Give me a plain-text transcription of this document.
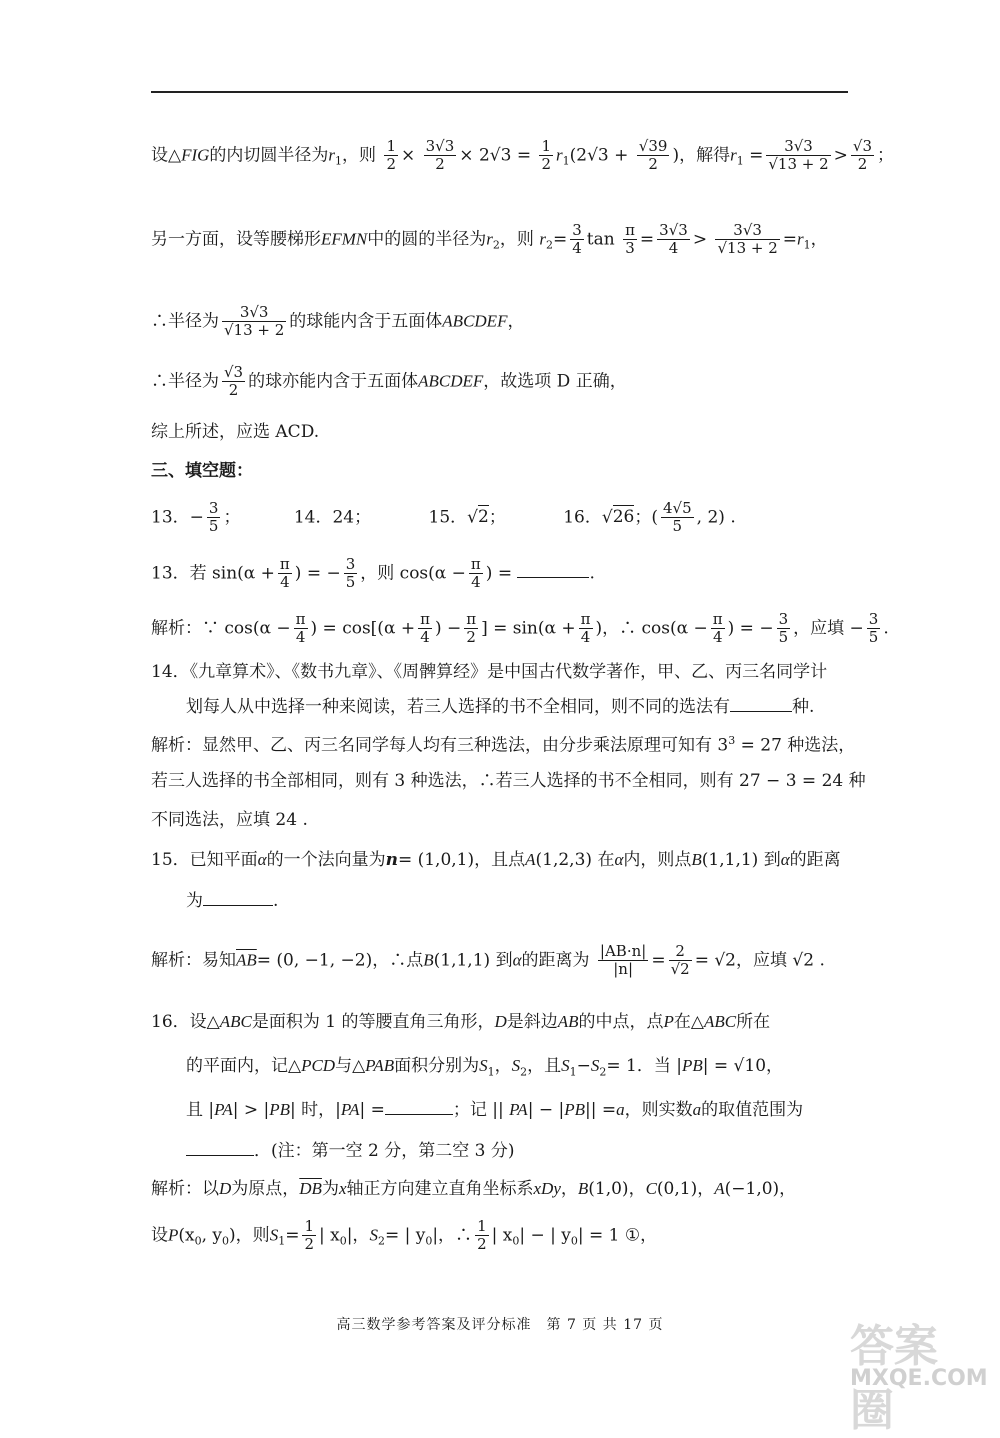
设△FIG的内切圆半径为$r_1$，则 $\frac{1}{2} \times \frac{3√3}{2} \times 2√3 = \frac{1}{2} r_1(2√3 + \frac{√39}{2}$ )，解得$r_1 = \frac{3√3}{√13 + 2} > \frac{√3}{2}$ ；
另一方面，设等腰梯形EFMN中的圆的半径为$r_2$，则 $r_2= \frac{3}{4}$ $\tan \frac{\pi}{3} = \frac{3√3}{4} > \frac{3√3}{√13 + 2} =r_1$，
∴半径为 $\frac{3√3}{√13 + 2}$ 的球能内含于五面体ABCDEF，
∴半径为 $\frac{√3}{2}$ 的球亦能内含于五面体ABCDEF，故选项 D 正确，
综上所述，应选 ACD.
三、填空题：
13．− $\frac{3}{5}$ ；	14．24；	15．√2；	16．√26；( $\frac{4√5}{5}$ , 2) .
13．若 $\sin(\alpha + \frac{\pi}{4}$ ) = − $\frac{3}{5}$ ，则 $\cos(\alpha - \frac{\pi}{4}$ ) =	.
解析：∵ $\cos(\alpha - \frac{\pi}{4}$ ) = $\cos[(\alpha + \frac{\pi}{4}$ ) − $\frac{\pi}{2}$ ] = $\sin(\alpha + \frac{\pi}{4}$ )，∴ $\cos(\alpha - \frac{\pi}{4}$ ) = − $\frac{3}{5}$ ，应填 − $\frac{3}{5}$ .
14．《九章算术》、《数书九章》、《周髀算经》是中国古代数学著作，甲、乙、丙三名同学计
划每人从中选择一种来阅读，若三人选择的书不全相同，则不同的选法有	种.
解析：显然甲、乙、丙三名同学每人均有三种选法，由分步乘法原理可知有 $3^3 = 27$ 种选法，
若三人选择的书全部相同，则有 3 种选法，∴若三人选择的书不全相同，则有 27 − 3 = 24 种
不同选法，应填 24 .
15．已知平面α的一个法向量为n= (1,0,1)，且点A(1,2,3) 在α内，则点B(1,1,1) 到α的距离
为	.
解析：易知$\overline{AB}= (0$, −1, −2)，∴点B(1,1,1) 到α的距离为 $\frac{|AB\cdot n|}{|n|} = \frac{2}{√2} = √2$，应填 √2 .
16．设△ABC是面积为 1 的等腰直角三角形，D是斜边AB的中点，点P在△ABC所在
的平面内，记△PCD与△PAB面积分别为$S_1$，$S_2$，且$S_1-S_2= 1$．当 |PB| = √10，
且 |PA| > |PB| 时，|PA| =	；记 || PA| − |PB|| =a，则实数a的取值范围为
．(注：第一空 2 分，第二空 3 分)
解析：以D为原点，$\overline{DB}$为x轴正方向建立直角坐标系xDy，B(1,0)，C(0,1)，A(−1,0)，
设$P(x_0$, $y_0$)，则$S_1= \frac{1}{2}$ | $x_0|$，$S_2=$ | $y_0|$，∴ $\frac{1}{2}$ | $x_0|$ − | $y_0| = 1$ ①，
高三数学参考答案及评分标准　第 7 页 共 17 页	答案圈
MXQE.COM
